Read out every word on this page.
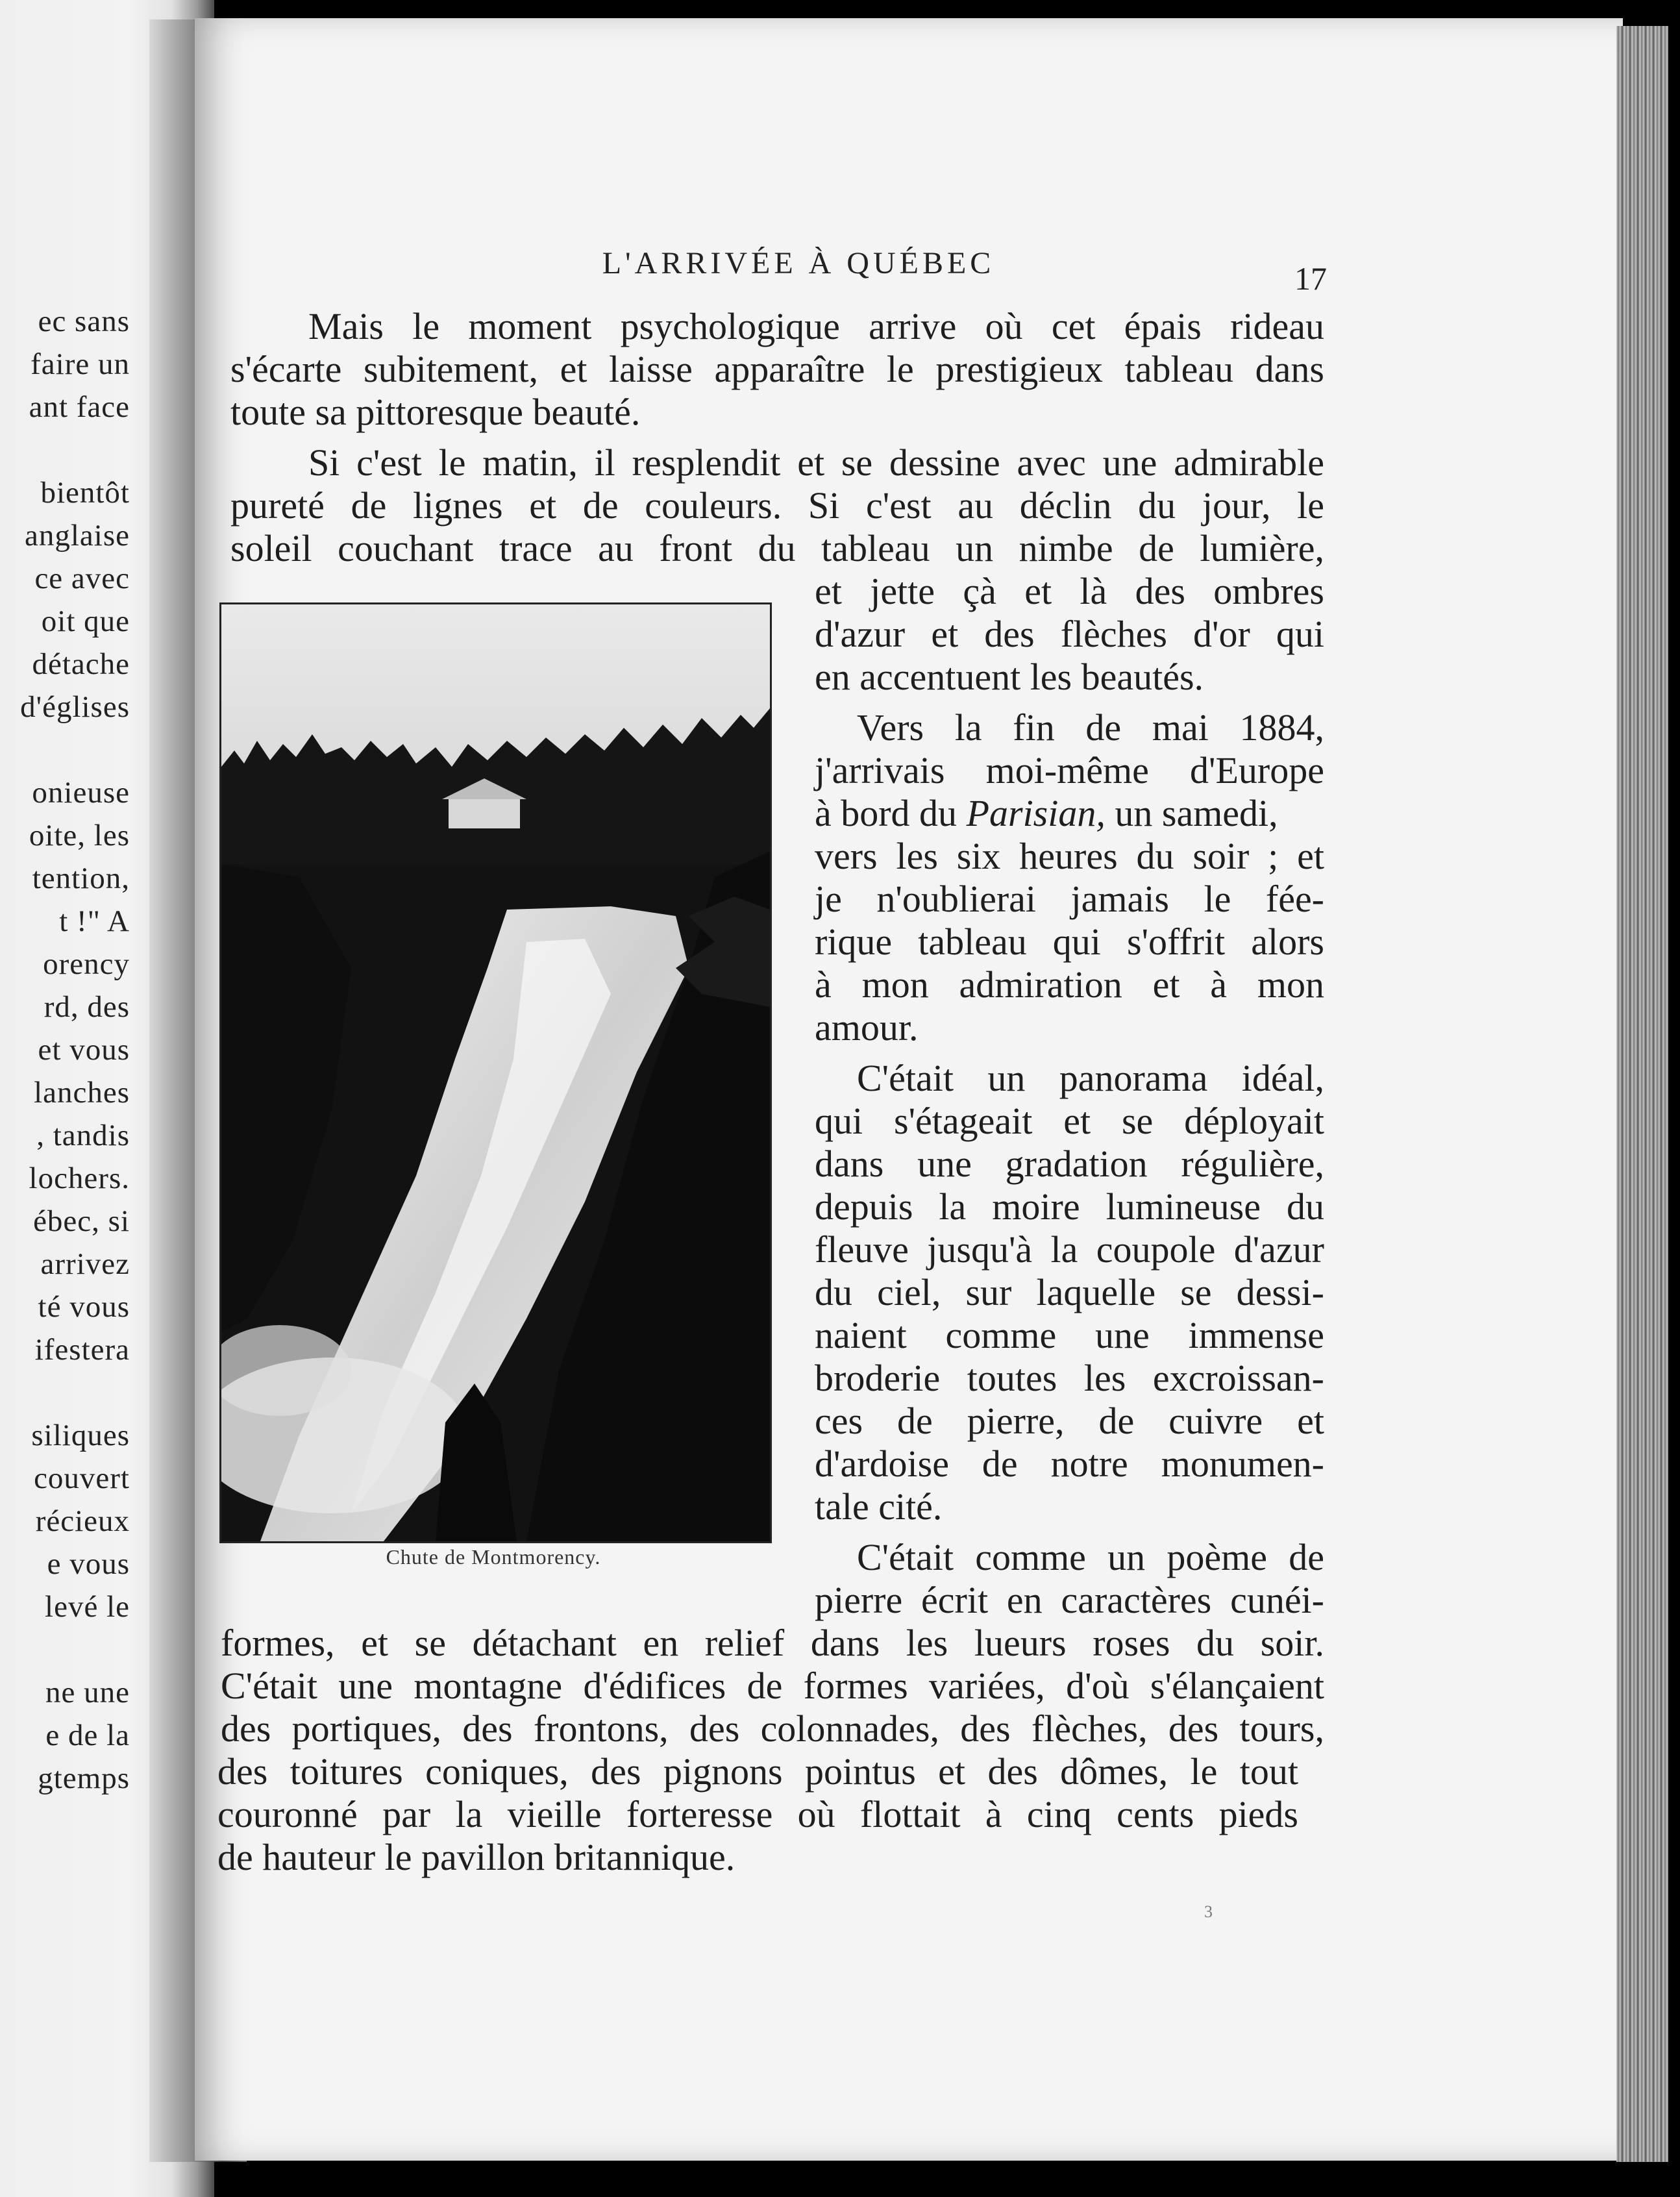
ec sans
faire un
ant face

bientôt
anglaise
ce avec
oit que
détache
d'églises

onieuse
oite, les
tention,
t !" A
orency
rd, des
et vous
lanches
, tandis
lochers.
ébec, si
arrivez
té vous
ifestera

siliques
couvert
récieux
e vous
levé le

ne une
e de la
gtemps
L'ARRIVÉE À QUÉBEC	17
Mais le moment psychologique arrive où cet épais rideau
s'écarte subitement, et laisse apparaître le prestigieux tableau dans
toute sa pittoresque beauté.
Si c'est le matin, il resplendit et se dessine avec une admirable
pureté de lignes et de couleurs. Si c'est au déclin du jour, le
soleil couchant trace au front du tableau un nimbe de lumière,
et jette çà et là des ombres
d'azur et des flèches d'or qui
en accentuent les beautés.
Vers la fin de mai 1884,
j'arrivais moi-même d'Europe
à bord du Parisian, un samedi,
vers les six heures du soir ; et
je n'oublierai jamais le fée-
rique tableau qui s'offrit alors
à mon admiration et à mon
amour.
C'était un panorama idéal,
qui s'étageait et se déployait
dans une gradation régulière,
depuis la moire lumineuse du
fleuve jusqu'à la coupole d'azur
du ciel, sur laquelle se dessi-
naient comme une immense
broderie toutes les excroissan-
ces de pierre, de cuivre et
d'ardoise de notre monumen-
tale cité.
C'était comme un poème de
pierre écrit en caractères cunéi-
formes, et se détachant en relief dans les lueurs roses du soir.
C'était une montagne d'édifices de formes variées, d'où s'élançaient
des portiques, des frontons, des colonnades, des flèches, des tours,
des toitures coniques, des pignons pointus et des dômes, le tout
couronné par la vieille forteresse où flottait à cinq cents pieds
de hauteur le pavillon britannique.
Chute de Montmorency.
3
